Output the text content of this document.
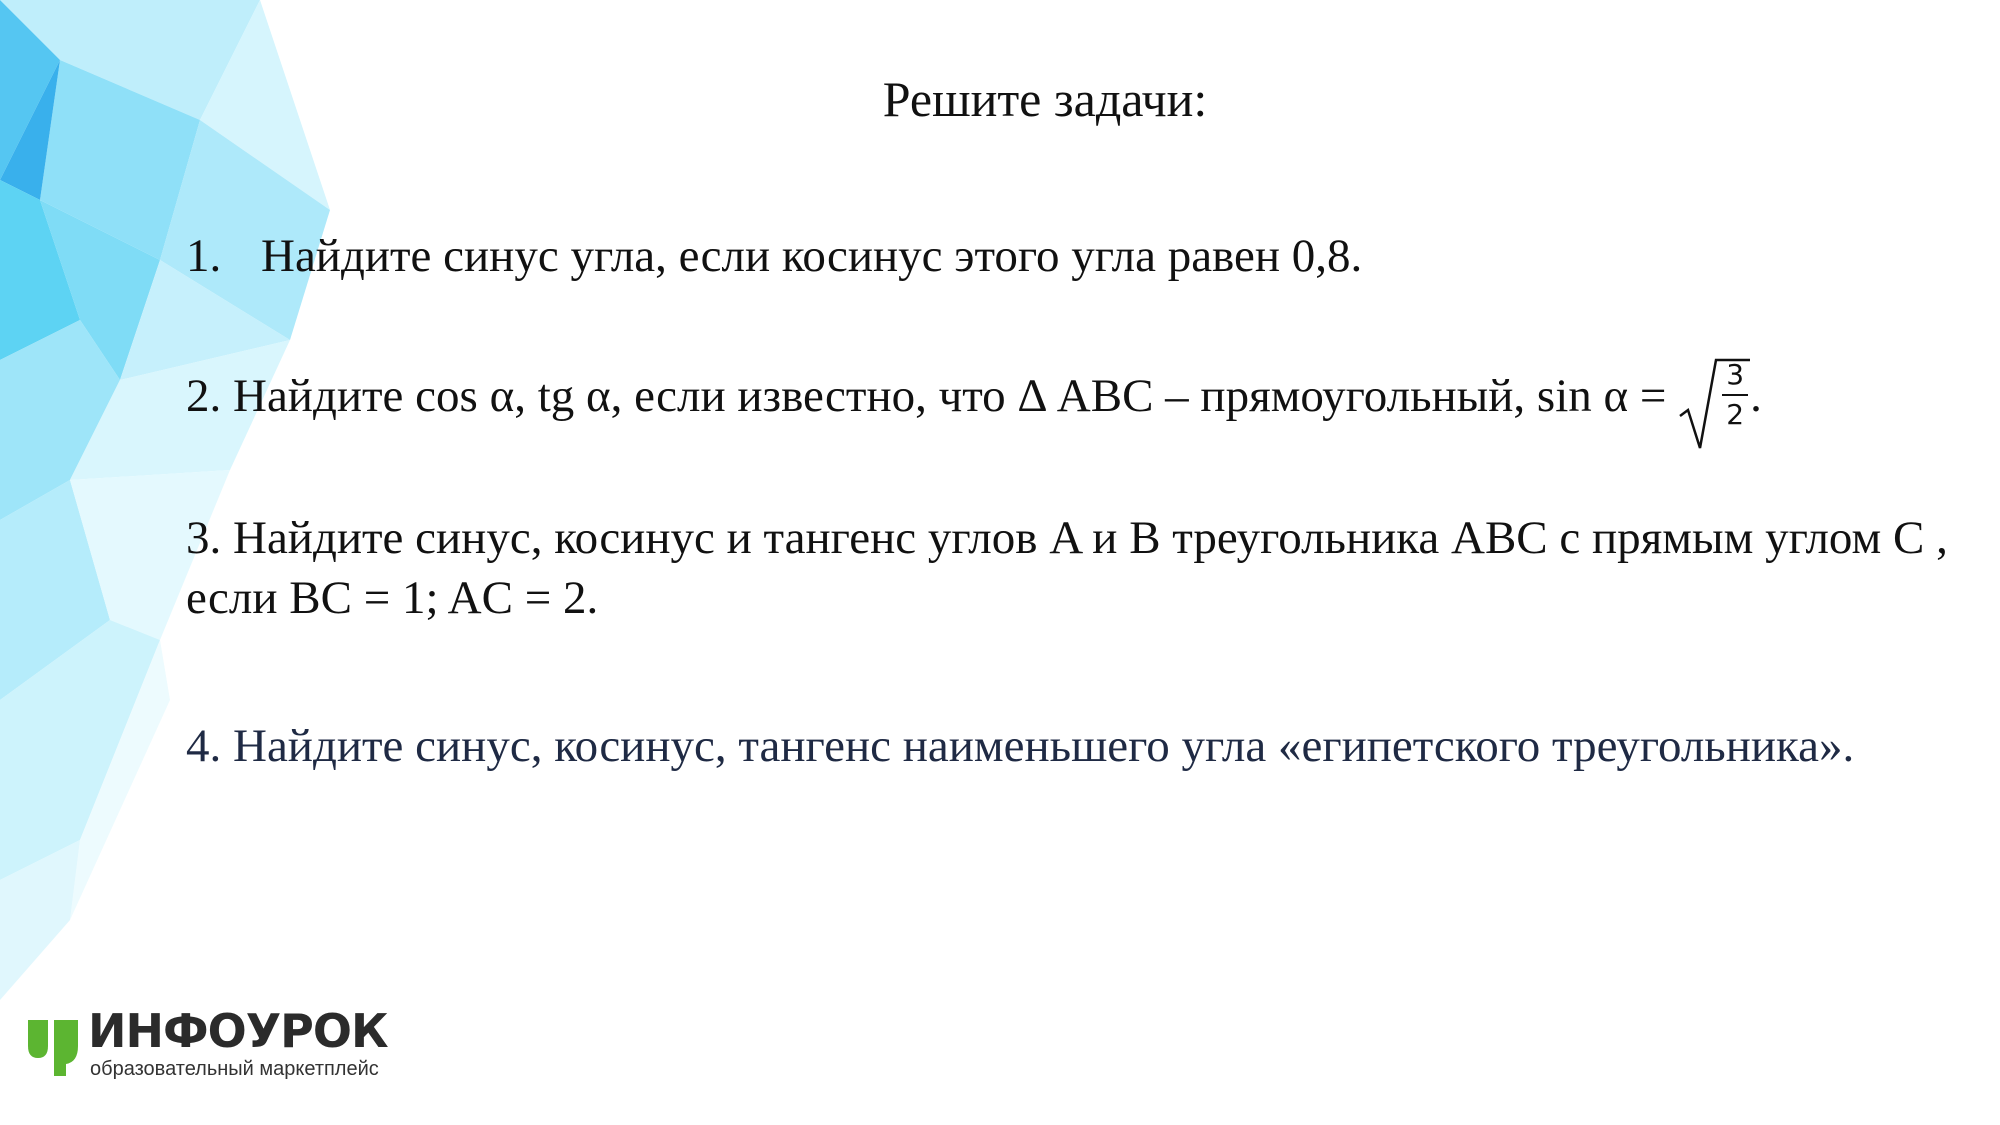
Решите задачи:
1. Найдите синус угла, если косинус этого угла равен 0,8.
2. Найдите cos α, tg α, если известно, что Δ ABC – прямоугольный, sin α = 3
2 .
3. Найдите синус, косинус и тангенс углов A и B треугольника ABC с прямым углом C , если BC = 1; AC = 2.
4. Найдите синус, косинус, тангенс наименьшего угла «египетского треугольника».
ИНФОУРОК
образовательный маркетплейс
